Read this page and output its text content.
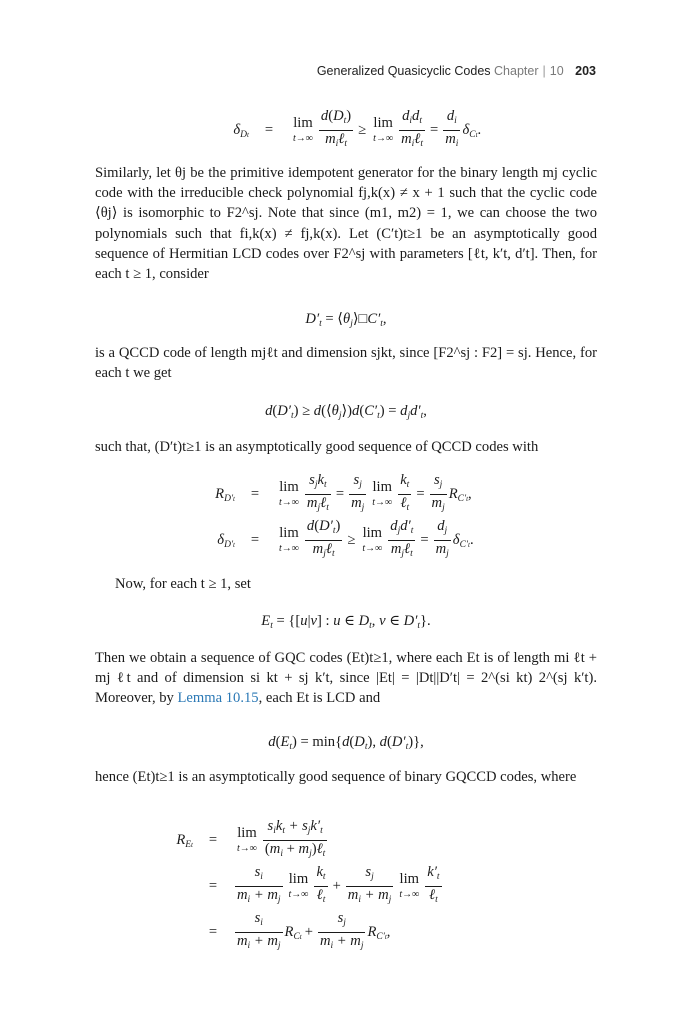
Generalized Quasicyclic Codes Chapter | 10 203
$\delta_{Dt}$	=	lim
$t\to\infty \frac{d(D_t)}{m_i\ell_t} \ge \lim$
$t\to\infty \frac{d_id_t}{m_i\ell_t} = \frac{d_i}{m_i} \delta_{Ct}$ .

Similarly, let θj be the primitive idempotent generator for the binary length mj cyclic code with the irreducible check polynomial fj,k(x) ≠ x + 1 such that the cyclic code ⟨θj⟩ is isomorphic to F2^sj. Note that since (m1, m2) = 1, we can choose the two polynomials such that fi,k(x) ≠ fj,k(x). Let (C′t)t≥1 be an asymptotically good sequence of Hermitian LCD codes over F2^sj with parameters [ℓt, k′t, d′t]. Then, for each t ≥ 1, consider

$D'_t$ = $⟨\theta_j⟩□C'_t$,

is a QCCD code of length mjℓt and dimension sjkt, since [F2^sj : F2] = sj. Hence, for each t we get

$d(D'_t)$ ≥ $d(⟨\theta_j⟩)d(C'_t) = d_jd'_t$,

such that, (D′t)t≥1 is an asymptotically good sequence of QCCD codes with

$R_{D't}$	=	lim
$t\to\infty \frac{s_jk_t}{m_j\ell_t} = \frac{s_j}{m_j}$ lim
$t\to\infty \frac{k_t}{\ell_t} = \frac{s_j}{m_j} R_{C't}$ ,
$\delta_{D't}$	=	lim
$t\to\infty \frac{d(D'_t)}{m_j\ell_t} \ge \lim$
$t\to\infty \frac{d_jd'_t}{m_j\ell_t} = \frac{d_j}{m_j} \delta_{C't}$ .

Now, for each t ≥ 1, set

$E_t = \{[u|v]$ : u ∈ $D_t$, v ∈ $D'_t$}.

Then we obtain a sequence of GQC codes (Et)t≥1, where each Et is of length mi ℓt + mj ℓt and of dimension si kt + sj k′t, since |Et| = |Dt||D′t| = 2^(si kt) 2^(sj k′t). Moreover, by Lemma 10.15, each Et is LCD and

$d(E_t) = \min\{d(D_t)$, $d(D'_t)$},

hence (Et)t≥1 is an asymptotically good sequence of binary GQCCD codes, where

$R_{Et}$	=	lim
$t\to\infty \frac{s_ik_t + s_jk'_t}{(m_i + m_j)\ell_t}$
=	$\frac{s_i}{m_i + m_j}$ lim
$t\to\infty \frac{k_t}{\ell_t} + \frac{s_j}{m_i + m_j}$ lim
$t\to\infty \frac{k'_t}{\ell_t}$
=	$\frac{s_i}{m_i + m_j} R_{Ct} + \frac{s_j}{m_i + m_j} R_{C't}$ ,
